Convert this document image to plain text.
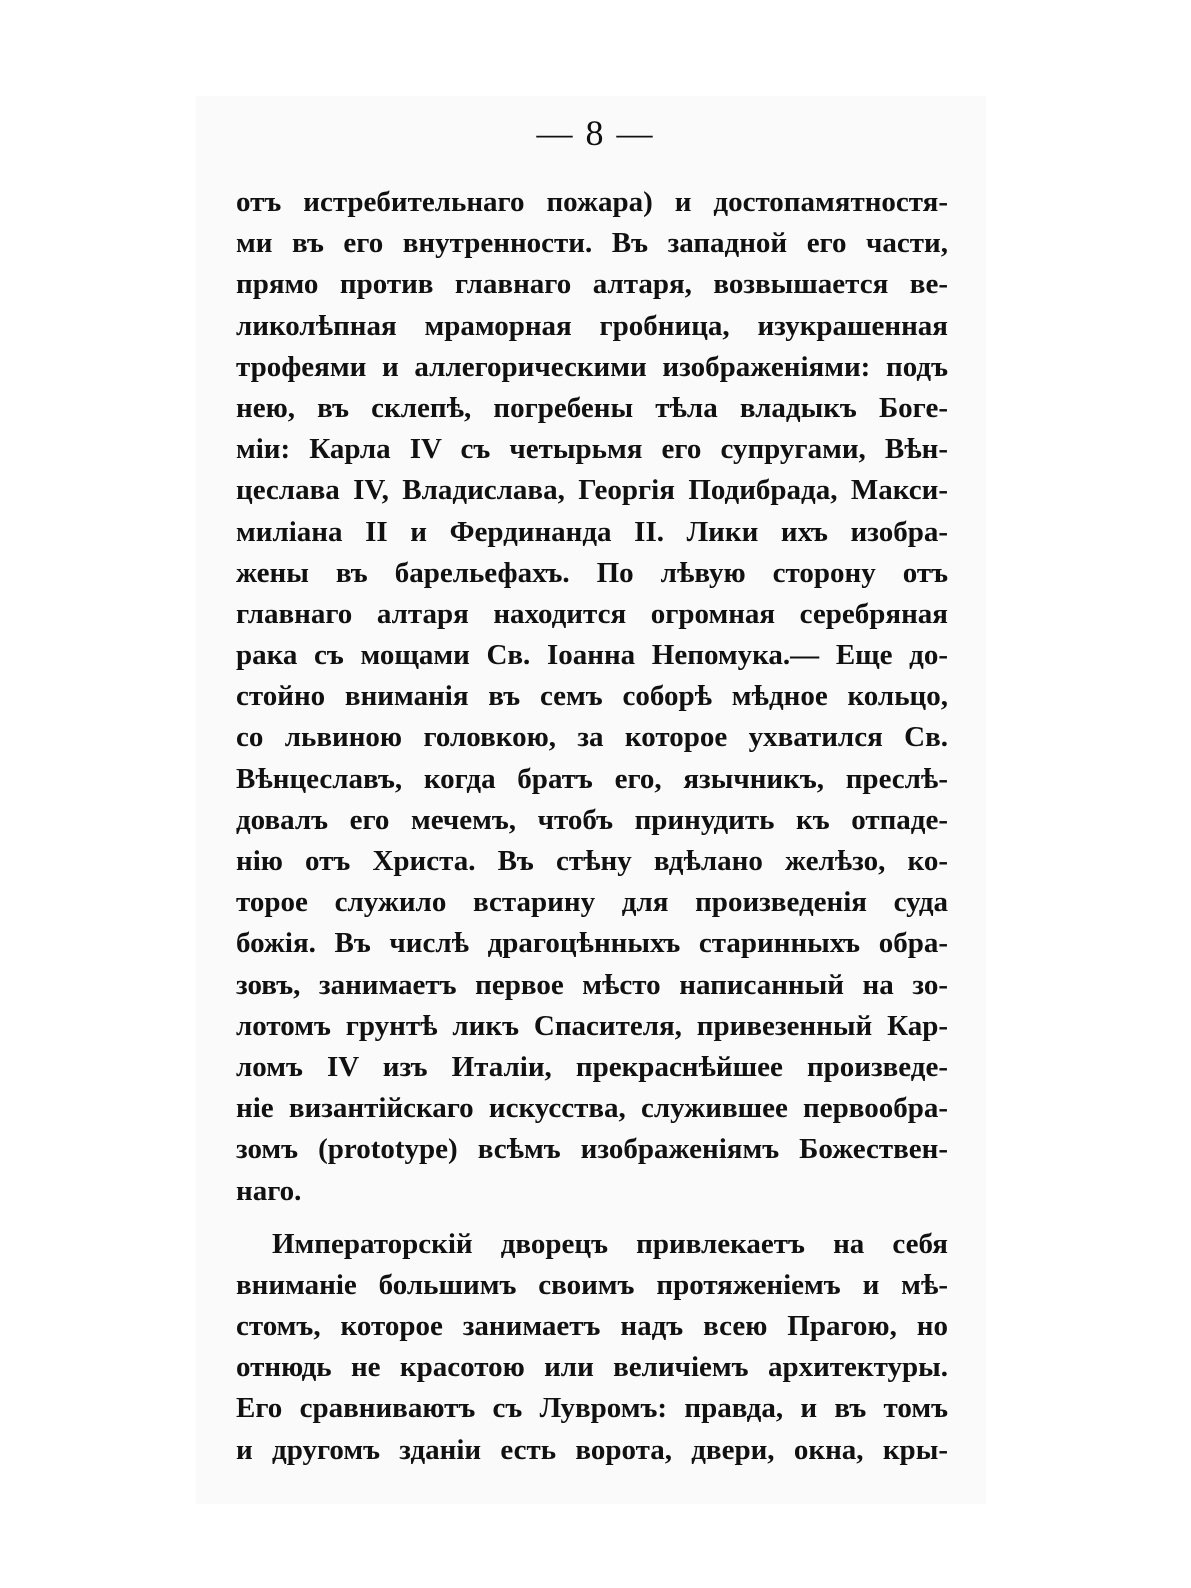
— 8 —
отъ истребительнаго пожара) и достопамятностя-
ми въ его внутренности. Въ западной его части,
прямо против главнаго алтаря, возвышается ве-
ликолѣпная мраморная гробница, изукрашенная
трофеями и аллегорическими изображеніями: подъ
нею, въ склепѣ, погребены тѣла владыкъ Боге-
міи: Карла IV съ четырьмя его супругами, Вѣн-
цеслава IV, Владислава, Георгія Подибрада, Макси-
миліана II и Фердинанда II. Лики ихъ изобра-
жены въ барельефахъ. По лѣвую сторону отъ
главнаго алтаря находится огромная серебряная
рака съ мощами Св. Іоанна Непомука.— Еще до-
стойно вниманія въ семъ соборѣ мѣдное кольцо,
со львиною головкою, за которое ухватился Св.
Вѣнцеславъ, когда братъ его, язычникъ, преслѣ-
довалъ его мечемъ, чтобъ принудить къ отпаде-
нію отъ Христа. Въ стѣну вдѣлано желѣзо, ко-
торое служило встарину для произведенія суда
божія. Въ числѣ драгоцѣнныхъ старинныхъ обра-
зовъ, занимаетъ первое мѣсто написанный на зо-
лотомъ грунтѣ ликъ Спасителя, привезенный Кар-
ломъ IV изъ Италіи, прекраснѣйшее произведе-
ніе византійскаго искусства, служившее первообра-
зомъ (prototype) всѣмъ изображеніямъ Божествен-
наго.
Императорскій дворецъ привлекаетъ на себя
вниманіе большимъ своимъ протяженіемъ и мѣ-
стомъ, которое занимаетъ надъ всею Прагою, но
отнюдь не красотою или величіемъ архитектуры.
Его сравниваютъ съ Лувромъ: правда, и въ томъ
и другомъ зданіи есть ворота, двери, окна, кры-
